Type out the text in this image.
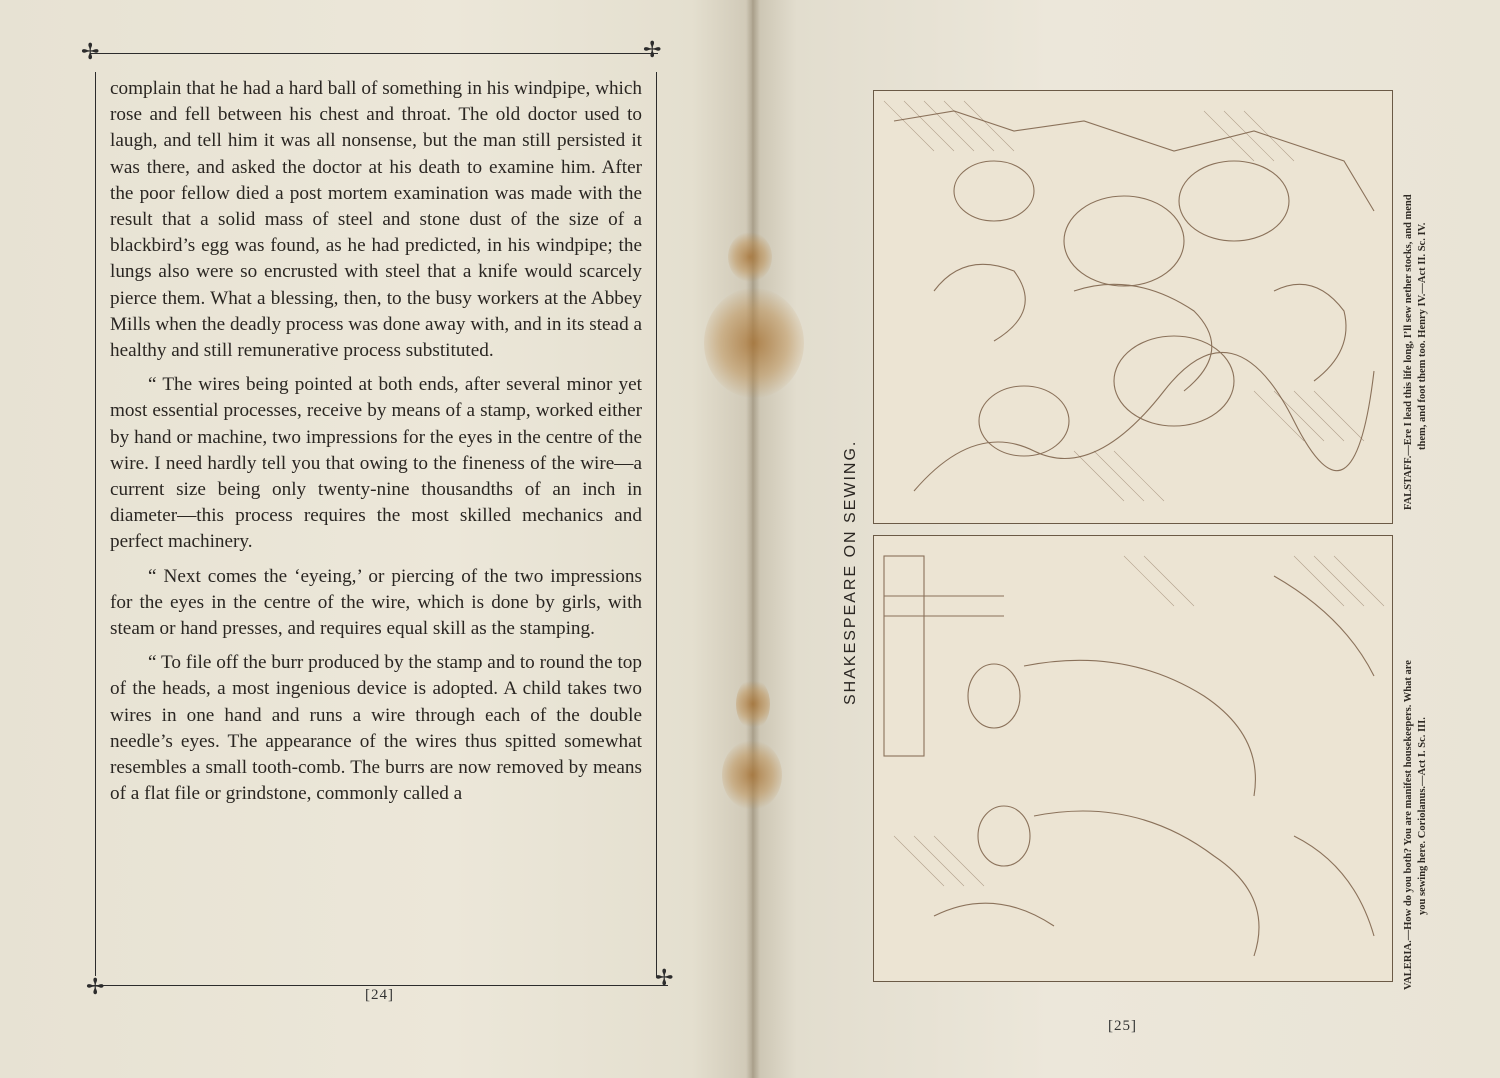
✢	✢
✢
✢

complain that he had a hard ball of something in his windpipe, which rose and fell between his chest and throat. The old doctor used to laugh, and tell him it was all nonsense, but the man still persisted it was there, and asked the doctor at his death to examine him. After the poor fellow died a post mortem examination was made with the result that a solid mass of steel and stone dust of the size of a blackbird’s egg was found, as he had predicted, in his windpipe; the lungs also were so encrusted with steel that a knife would scarcely pierce them. What a blessing, then, to the busy workers at the Abbey Mills when the deadly process was done away with, and in its stead a healthy and still remunerative process substituted.

“ The wires being pointed at both ends, after several minor yet most essential processes, receive by means of a stamp, worked either by hand or machine, two impressions for the eyes in the centre of the wire. I need hardly tell you that owing to the fineness of the wire—a current size being only twenty-nine thousandths of an inch in diameter—this process requires the most skilled mechanics and perfect machinery.

“ Next comes the ‘eyeing,’ or piercing of the two impressions for the eyes in the centre of the wire, which is done by girls, with steam or hand presses, and requires equal skill as the stamping.

“ To file off the burr produced by the stamp and to round the top of the heads, a most ingenious device is adopted. A child takes two wires in one hand and runs a wire through each of the double needle’s eyes. The appearance of the wires thus spitted somewhat resembles a small tooth-comb. The burrs are now removed by means of a flat file or grindstone, commonly called a

[24]
SHAKESPEARE ON SEWING.
FALSTAFF.—Ere I lead this life long, I’ll sew nether stocks, and mend them, and foot them too. Henry IV.—Act II. Sc. IV.
VALERIA.—How do you both? You are manifest housekeepers. What are you sewing here. Coriolanus.—Act I. Sc. III.
[25]
